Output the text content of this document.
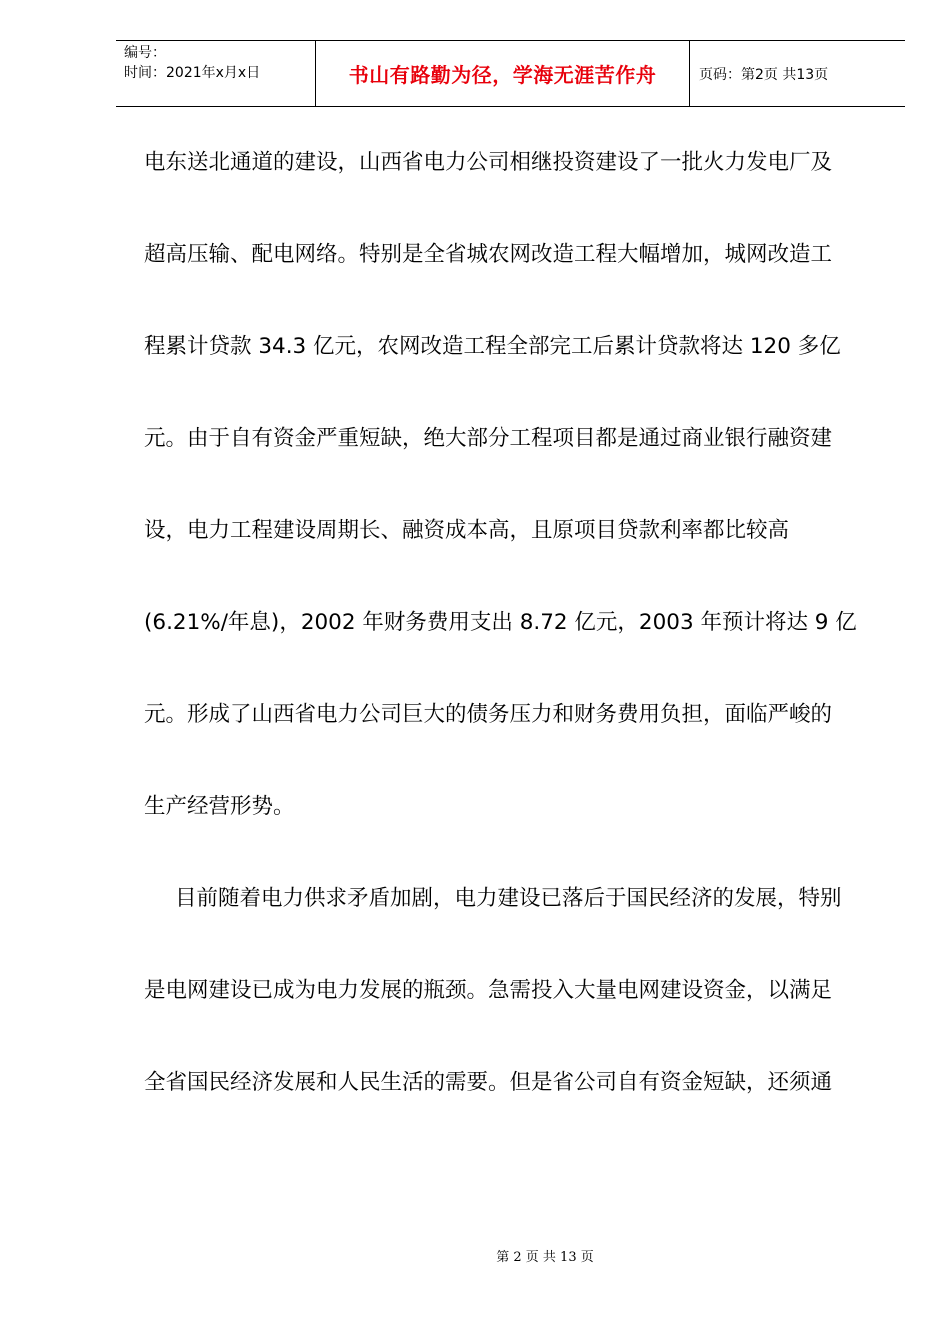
编号：
时间：2021年x月x日	书山有路勤为径，学海无涯苦作舟	页码：第2页 共13页

电东送北通道的建设，山西省电力公司相继投资建设了一批火力发电厂及

超高压输、配电网络。特别是全省城农网改造工程大幅增加，城网改造工

程累计贷款 34.3 亿元，农网改造工程全部完工后累计贷款将达 120 多亿

元。由于自有资金严重短缺，绝大部分工程项目都是通过商业银行融资建

设，电力工程建设周期长、融资成本高，且原项目贷款利率都比较高

(6.21%/年息)，2002 年财务费用支出 8.72 亿元，2003 年预计将达 9 亿

元。形成了山西省电力公司巨大的债务压力和财务费用负担，面临严峻的

生产经营形势。

目前随着电力供求矛盾加剧，电力建设已落后于国民经济的发展，特别

是电网建设已成为电力发展的瓶颈。急需投入大量电网建设资金，以满足

全省国民经济发展和人民生活的需要。但是省公司自有资金短缺，还须通

第 2 页 共 13 页
